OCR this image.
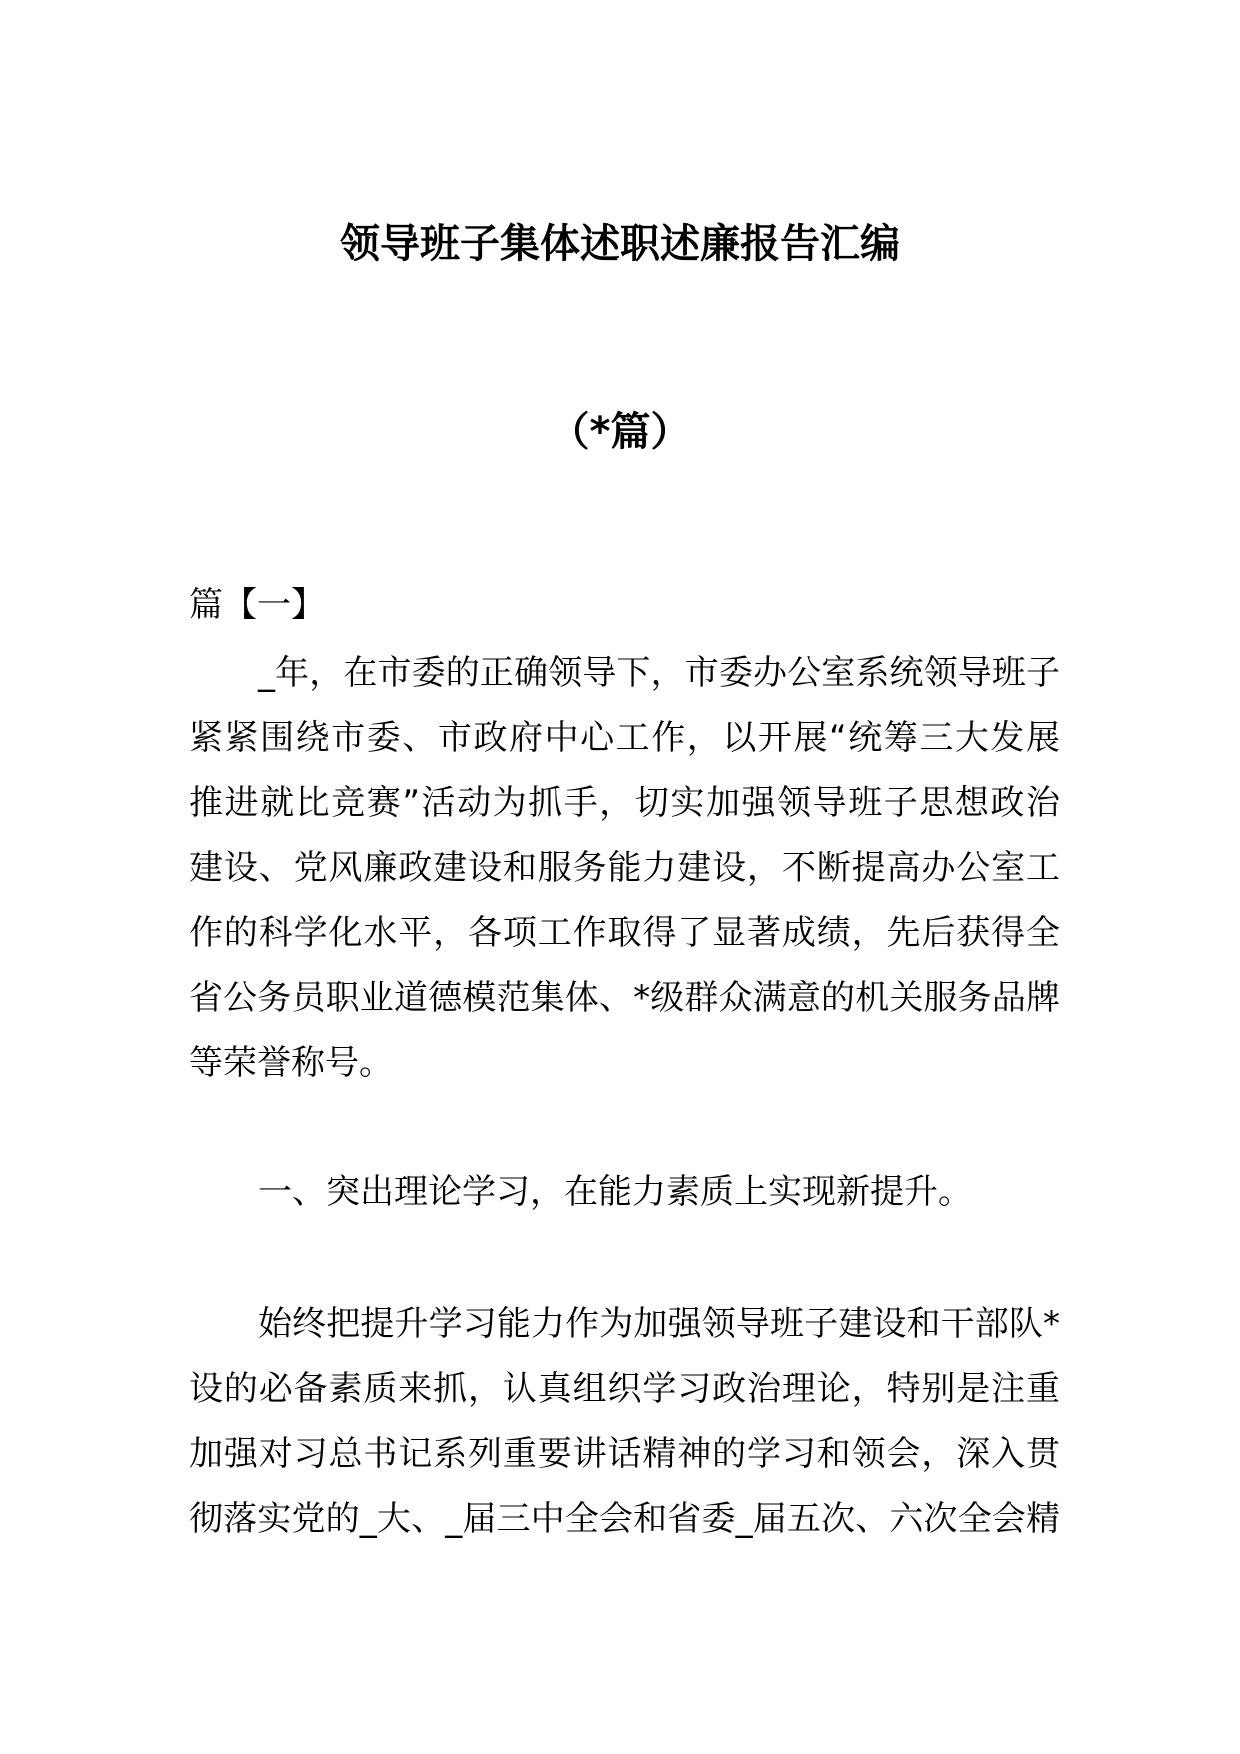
领导班子集体述职述廉报告汇编
（*篇）
篇【一】
_年，在市委的正确领导下，市委办公室系统领导班子
紧紧围绕市委、市政府中心工作，以开展“统筹三大发展
推进就比竞赛”活动为抓手，切实加强领导班子思想政治
建设、党风廉政建设和服务能力建设，不断提高办公室工
作的科学化水平，各项工作取得了显著成绩，先后获得全
省公务员职业道德模范集体、*级群众满意的机关服务品牌
等荣誉称号。
一、突出理论学习，在能力素质上实现新提升。
始终把提升学习能力作为加强领导班子建设和干部队*
设的必备素质来抓，认真组织学习政治理论，特别是注重
加强对习总书记系列重要讲话精神的学习和领会，深入贯
彻落实党的_大、_届三中全会和省委_届五次、六次全会精
